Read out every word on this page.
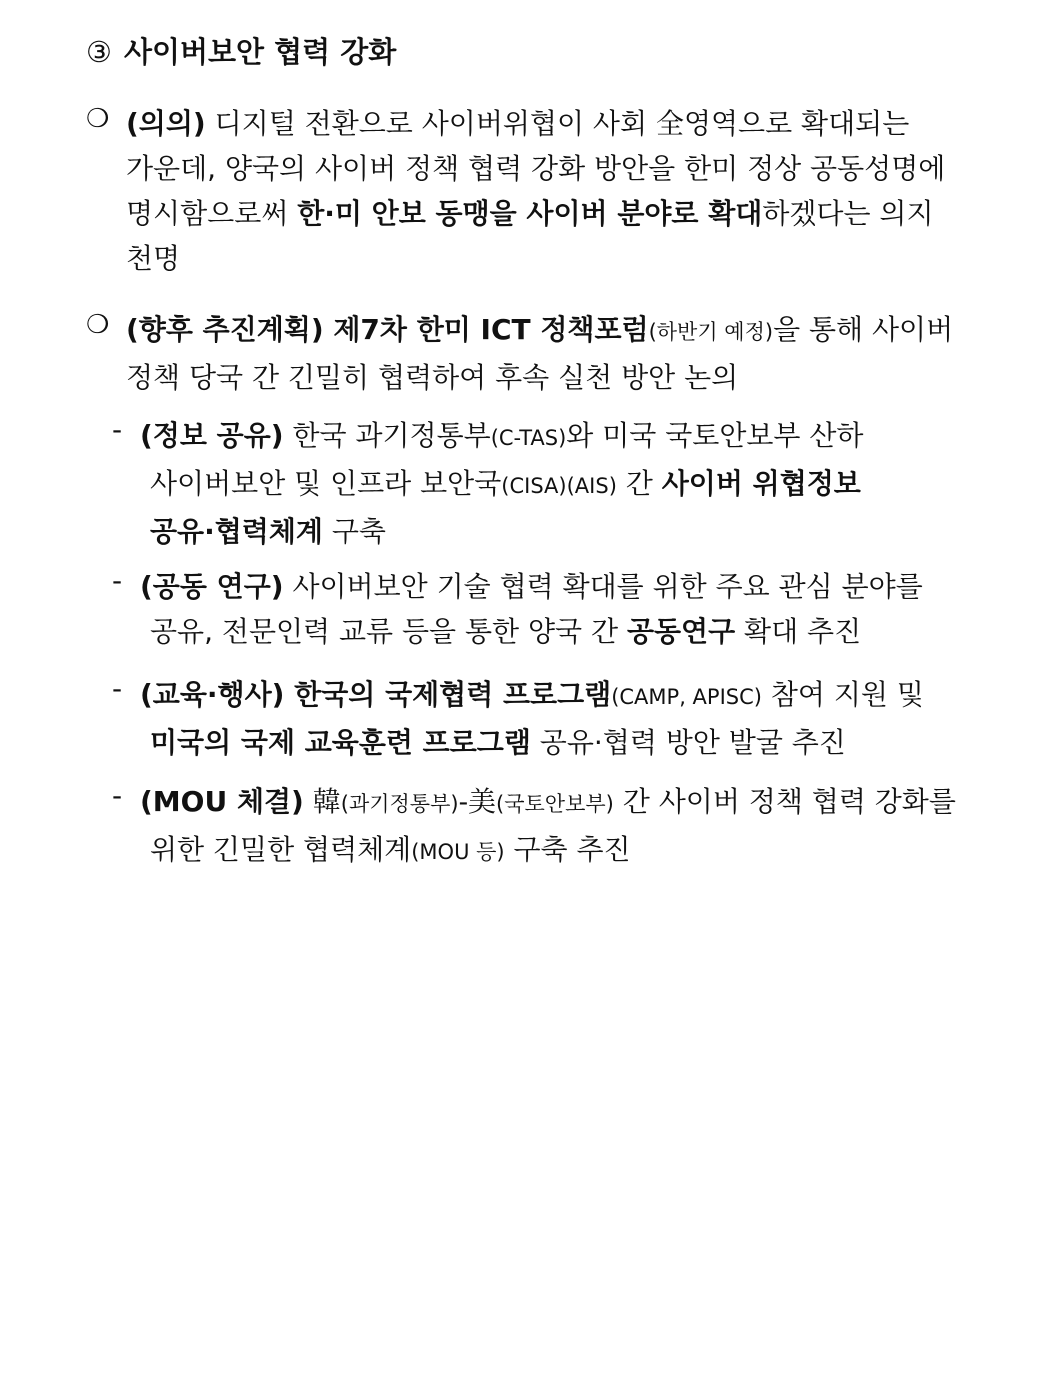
③ 사이버보안 협력 강화
❍ (의의) 디지털 전환으로 사이버위협이 사회 全영역으로 확대되는
가운데, 양국의 사이버 정책 협력 강화 방안을 한미 정상 공동성명에
명시함으로써 한·미 안보 동맹을 사이버 분야로 확대하겠다는 의지
천명
❍ (향후 추진계획) 제7차 한미 ICT 정책포럼(하반기 예정)을 통해 사이버
정책 당국 간 긴밀히 협력하여 후속 실천 방안 논의
- (정보 공유) 한국 과기정통부(C-TAS)와 미국 국토안보부 산하
사이버보안 및 인프라 보안국(CISA)(AIS) 간 사이버 위협정보
공유·협력체계 구축
- (공동 연구) 사이버보안 기술 협력 확대를 위한 주요 관심 분야를
공유, 전문인력 교류 등을 통한 양국 간 공동연구 확대 추진
- (교육·행사) 한국의 국제협력 프로그램(CAMP, APISC) 참여 지원 및
미국의 국제 교육훈련 프로그램 공유·협력 방안 발굴 추진
- (MOU 체결) 韓(과기정통부)-美(국토안보부) 간 사이버 정책 협력 강화를
위한 긴밀한 협력체계(MOU 등) 구축 추진
